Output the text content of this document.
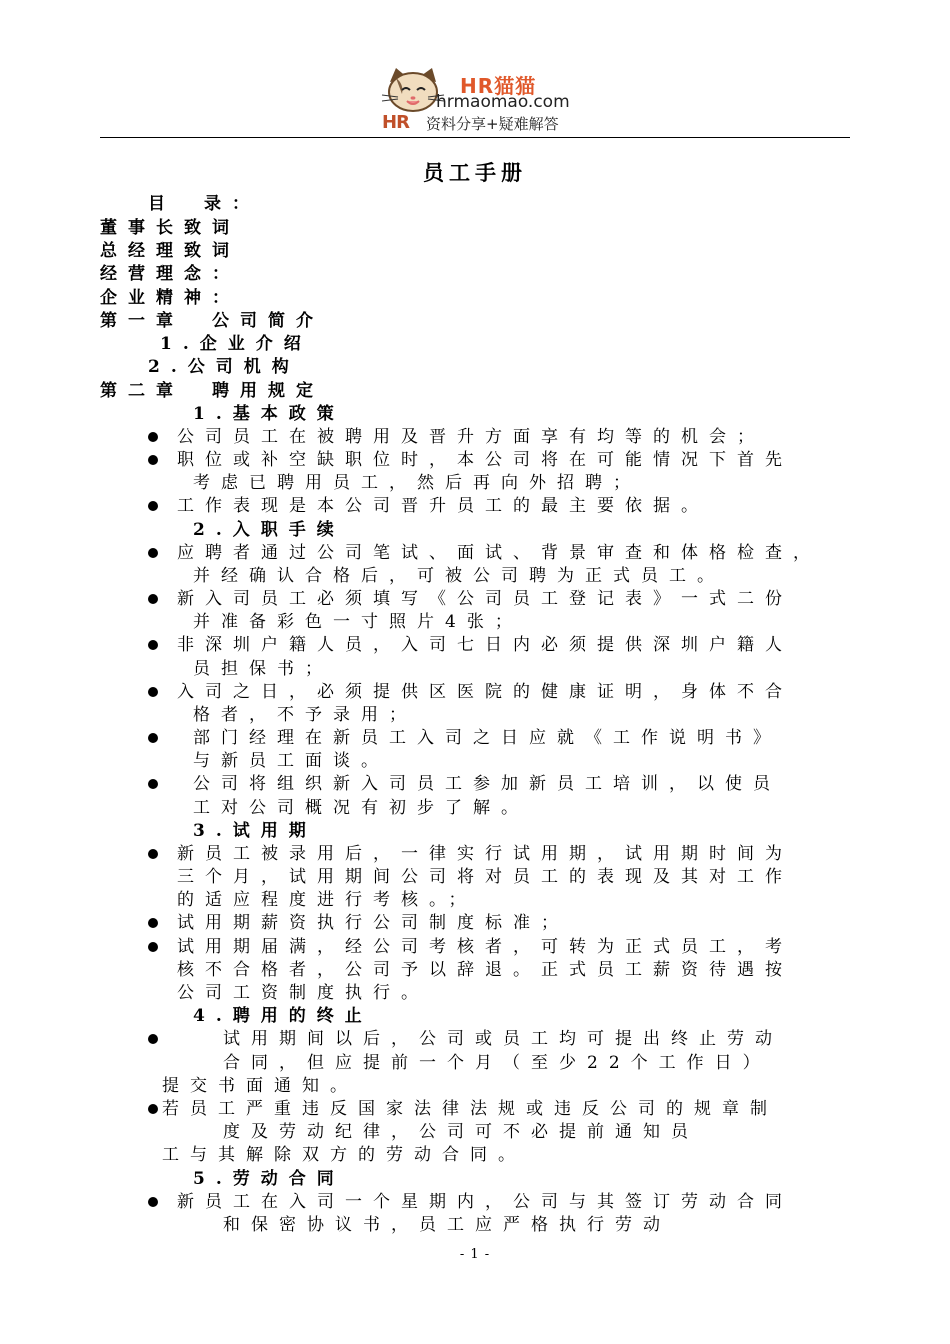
HR猫猫
hrmaomao.com
HR 资料分享+疑难解答
员工手册
目　录：
董事长致词
总经理致词
经营理念：
企业精神：
第一章　公司简介
1.企业介绍
2.公司机构
第二章　聘用规定
1.基本政策
公司员工在被聘用及晋升方面享有均等的机会；
职位或补空缺职位时，本公司将在可能情况下首先
考虑已聘用员工，然后再向外招聘；
工作表现是本公司晋升员工的最主要依据。
2.入职手续
应聘者通过公司笔试、面试、背景审查和体格检查，
并经确认合格后，可被公司聘为正式员工。
新入司员工必须填写《公司员工登记表》一式二份
并准备彩色一寸照片4张；
非深圳户籍人员，入司七日内必须提供深圳户籍人
员担保书；
入司之日，必须提供区医院的健康证明，身体不合
格者，不予录用；
部门经理在新员工入司之日应就《工作说明书》
与新员工面谈。
公司将组织新入司员工参加新员工培训，以使员
工对公司概况有初步了解。
3.试用期
新员工被录用后，一律实行试用期，试用期时间为
三个月，试用期间公司将对员工的表现及其对工作
的适应程度进行考核。；
试用期薪资执行公司制度标准；
试用期届满，经公司考核者，可转为正式员工，考
核不合格者，公司予以辞退。正式员工薪资待遇按
公司工资制度执行。
4.聘用的终止
试用期间以后，公司或员工均可提出终止劳动
合同，但应提前一个月（至少22个工作日）
提交书面通知。
若员工严重违反国家法律法规或违反公司的规章制
度及劳动纪律，公司可不必提前通知员
工与其解除双方的劳动合同。
5.劳动合同
新员工在入司一个星期内，公司与其签订劳动合同
和保密协议书，员工应严格执行劳动
- 1 -
